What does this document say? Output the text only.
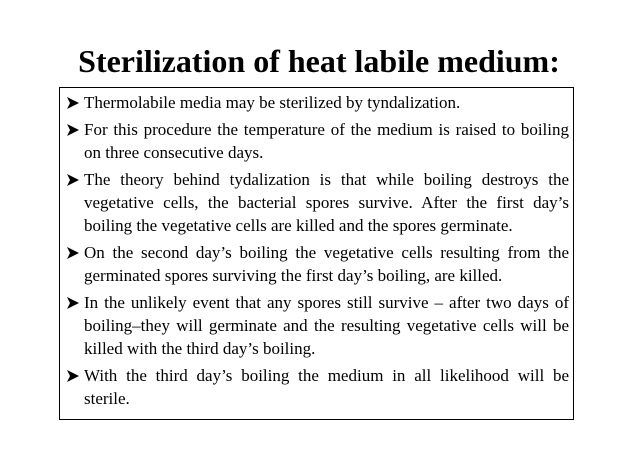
Sterilization of heat labile medium:
Thermolabile media may be sterilized by tyndalization.
For this procedure the temperature of the medium is raised to boiling on three consecutive days.
The theory behind tydalization is that while boiling destroys the vegetative cells, the bacterial spores survive. After the first day’s boiling the vegetative cells are killed and the spores germinate.
On the second day’s boiling the vegetative cells resulting from the germinated spores surviving the first day’s boiling, are killed.
In the unlikely event that any spores still survive – after two days of boiling–they will germinate and the resulting vegetative cells will be killed with the third day’s boiling.
With the third day’s boiling the medium in all likelihood will be sterile.
